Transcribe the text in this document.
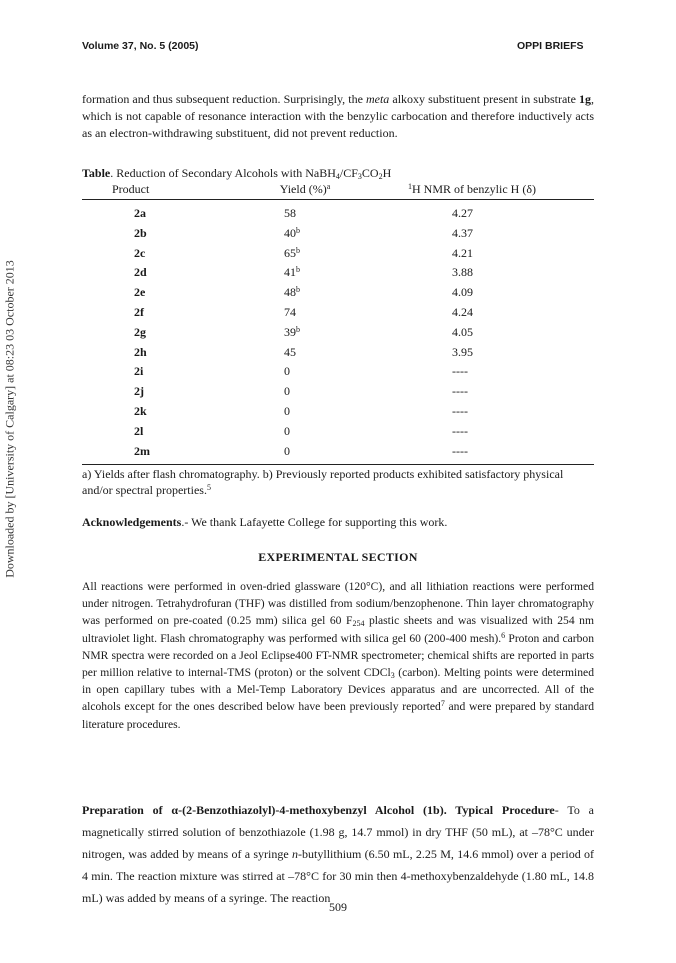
Volume 37, No. 5 (2005)	OPPI BRIEFS
Downloaded by [University of Calgary] at 08:23 03 October 2013
formation and thus subsequent reduction. Surprisingly, the meta alkoxy substituent present in substrate 1g, which is not capable of resonance interaction with the benzylic carbocation and therefore inductively acts as an electron-withdrawing substituent, did not prevent reduction.
Table. Reduction of Secondary Alcohols with $NaBH_4/CF_3CO_2H$
Product	Yield (%)$^a$	$^1$H NMR of benzylic H (δ)
2a	58	4.27
2b	40$^b$	4.37
2c	65$^b$	4.21
2d	41$^b$	3.88
2e	48$^b$	4.09
2f	74	4.24
2g	39$^b$	4.05
2h	45	3.95
2i	0	----
2j	0	----
2k	0	----
2l	0	----
2m	0	----
a) Yields after flash chromatography. b) Previously reported products exhibited satisfactory physical and/or spectral properties.$^5$
Acknowledgements.- We thank Lafayette College for supporting this work.
EXPERIMENTAL SECTION
All reactions were performed in oven-dried glassware (120°C), and all lithiation reactions were performed under nitrogen. Tetrahydrofuran (THF) was distilled from sodium/benzophenone. Thin layer chromatography was performed on pre-coated (0.25 mm) silica gel 60 $F_{254}$ plastic sheets and was visualized with 254 nm ultraviolet light. Flash chromatography was performed with silica gel 60 (200-400 mesh).$^6$ Proton and carbon NMR spectra were recorded on a Jeol Eclipse400 FT-NMR spectrometer; chemical shifts are reported in parts per million relative to internal-TMS (proton) or the solvent CDCl$_3$ (carbon). Melting points were determined in open capillary tubes with a Mel-Temp Laboratory Devices apparatus and are uncorrected. All of the alcohols except for the ones described below have been previously reported$^7$ and were prepared by standard literature procedures.
Preparation of α-(2-Benzothiazolyl)-4-methoxybenzyl Alcohol (1b). Typical Procedure- To a magnetically stirred solution of benzothiazole (1.98 g, 14.7 mmol) in dry THF (50 mL), at –78°C under nitrogen, was added by means of a syringe n-butyllithium (6.50 mL, 2.25 M, 14.6 mmol) over a period of 4 min. The reaction mixture was stirred at –78°C for 30 min then 4-methoxybenzaldehyde (1.80 mL, 14.8 mL) was added by means of a syringe. The reaction
509
